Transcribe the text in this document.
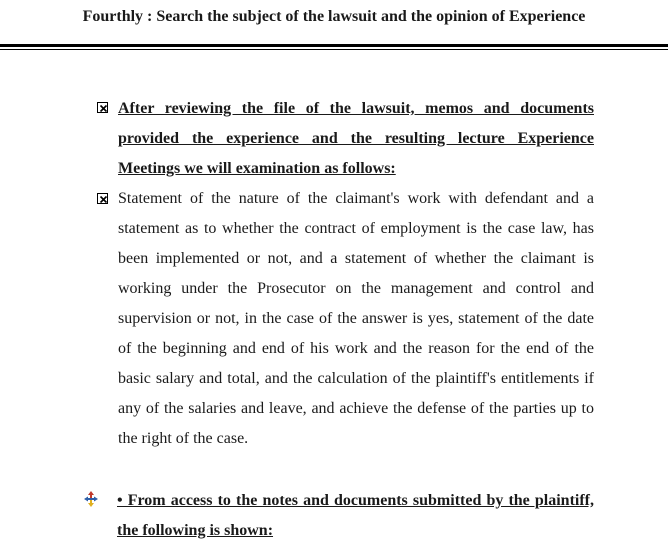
Fourthly : Search the subject of the lawsuit and the opinion of Experience
After reviewing the file of the lawsuit, memos and documents provided the experience and the resulting lecture Experience Meetings we will examination as follows:
Statement of the nature of the claimant's work with defendant and a statement as to whether the contract of employment is the case law, has been implemented or not, and a statement of whether the claimant is working under the Prosecutor on the management and control and supervision or not, in the case of the answer is yes, statement of the date of the beginning and end of his work and the reason for the end of the basic salary and total, and the calculation of the plaintiff's entitlements if any of the salaries and leave, and achieve the defense of the parties up to the right of the case.
• From access to the notes and documents submitted by the plaintiff, the following is shown:
